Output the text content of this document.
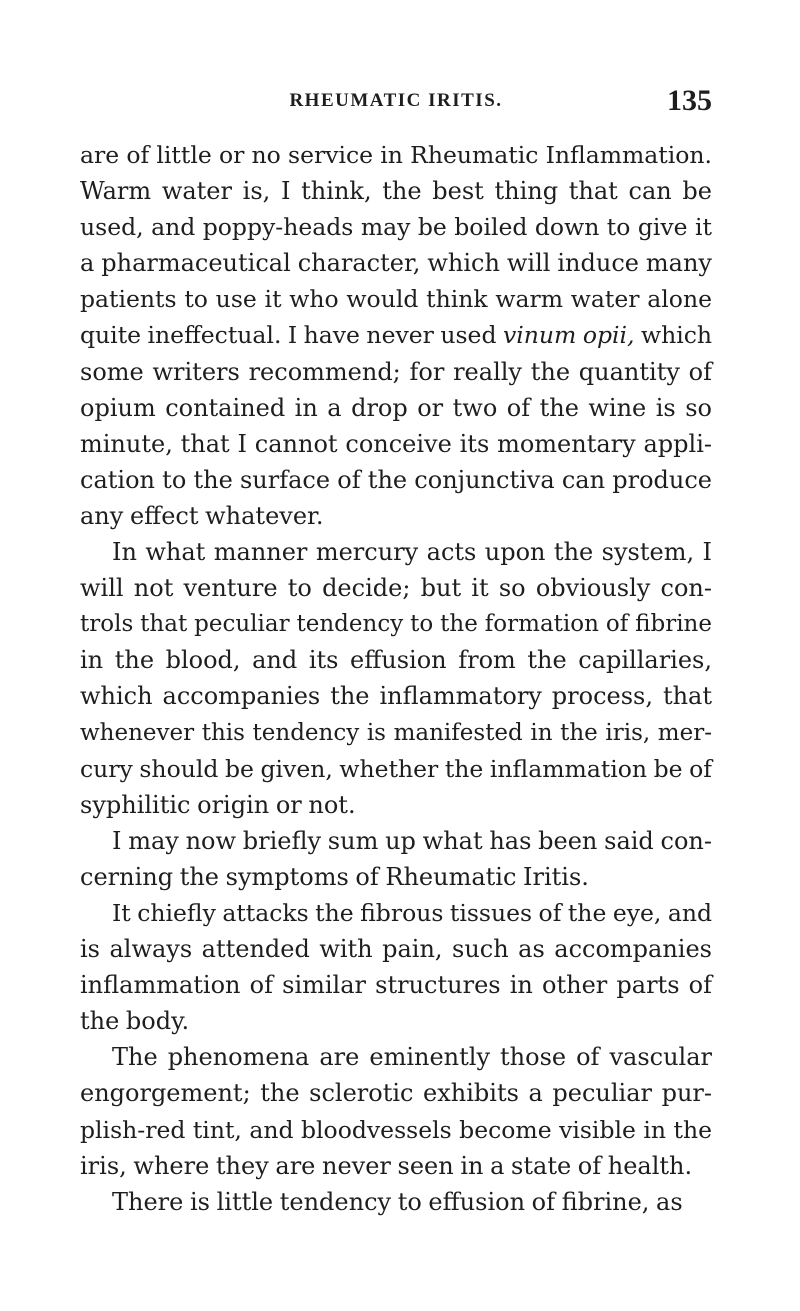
RHEUMATIC IRITIS.	135
are of little or no service in Rheumatic Inflammation.
Warm water is, I think, the best thing that can be
used, and poppy-heads may be boiled down to give it
a pharmaceutical character, which will induce many
patients to use it who would think warm water alone
quite ineffectual. I have never used vinum opii, which
some writers recommend; for really the quantity of
opium contained in a drop or two of the wine is so
minute, that I cannot conceive its momentary appli-
cation to the surface of the conjunctiva can produce
any effect whatever.
In what manner mercury acts upon the system, I
will not venture to decide; but it so obviously con-
trols that peculiar tendency to the formation of fibrine
in the blood, and its effusion from the capillaries,
which accompanies the inflammatory process, that
whenever this tendency is manifested in the iris, mer-
cury should be given, whether the inflammation be of
syphilitic origin or not.
I may now briefly sum up what has been said con-
cerning the symptoms of Rheumatic Iritis.
It chiefly attacks the fibrous tissues of the eye, and
is always attended with pain, such as accompanies
inflammation of similar structures in other parts of
the body.
The phenomena are eminently those of vascular
engorgement; the sclerotic exhibits a peculiar pur-
plish-red tint, and bloodvessels become visible in the
iris, where they are never seen in a state of health.
There is little tendency to effusion of fibrine, as
